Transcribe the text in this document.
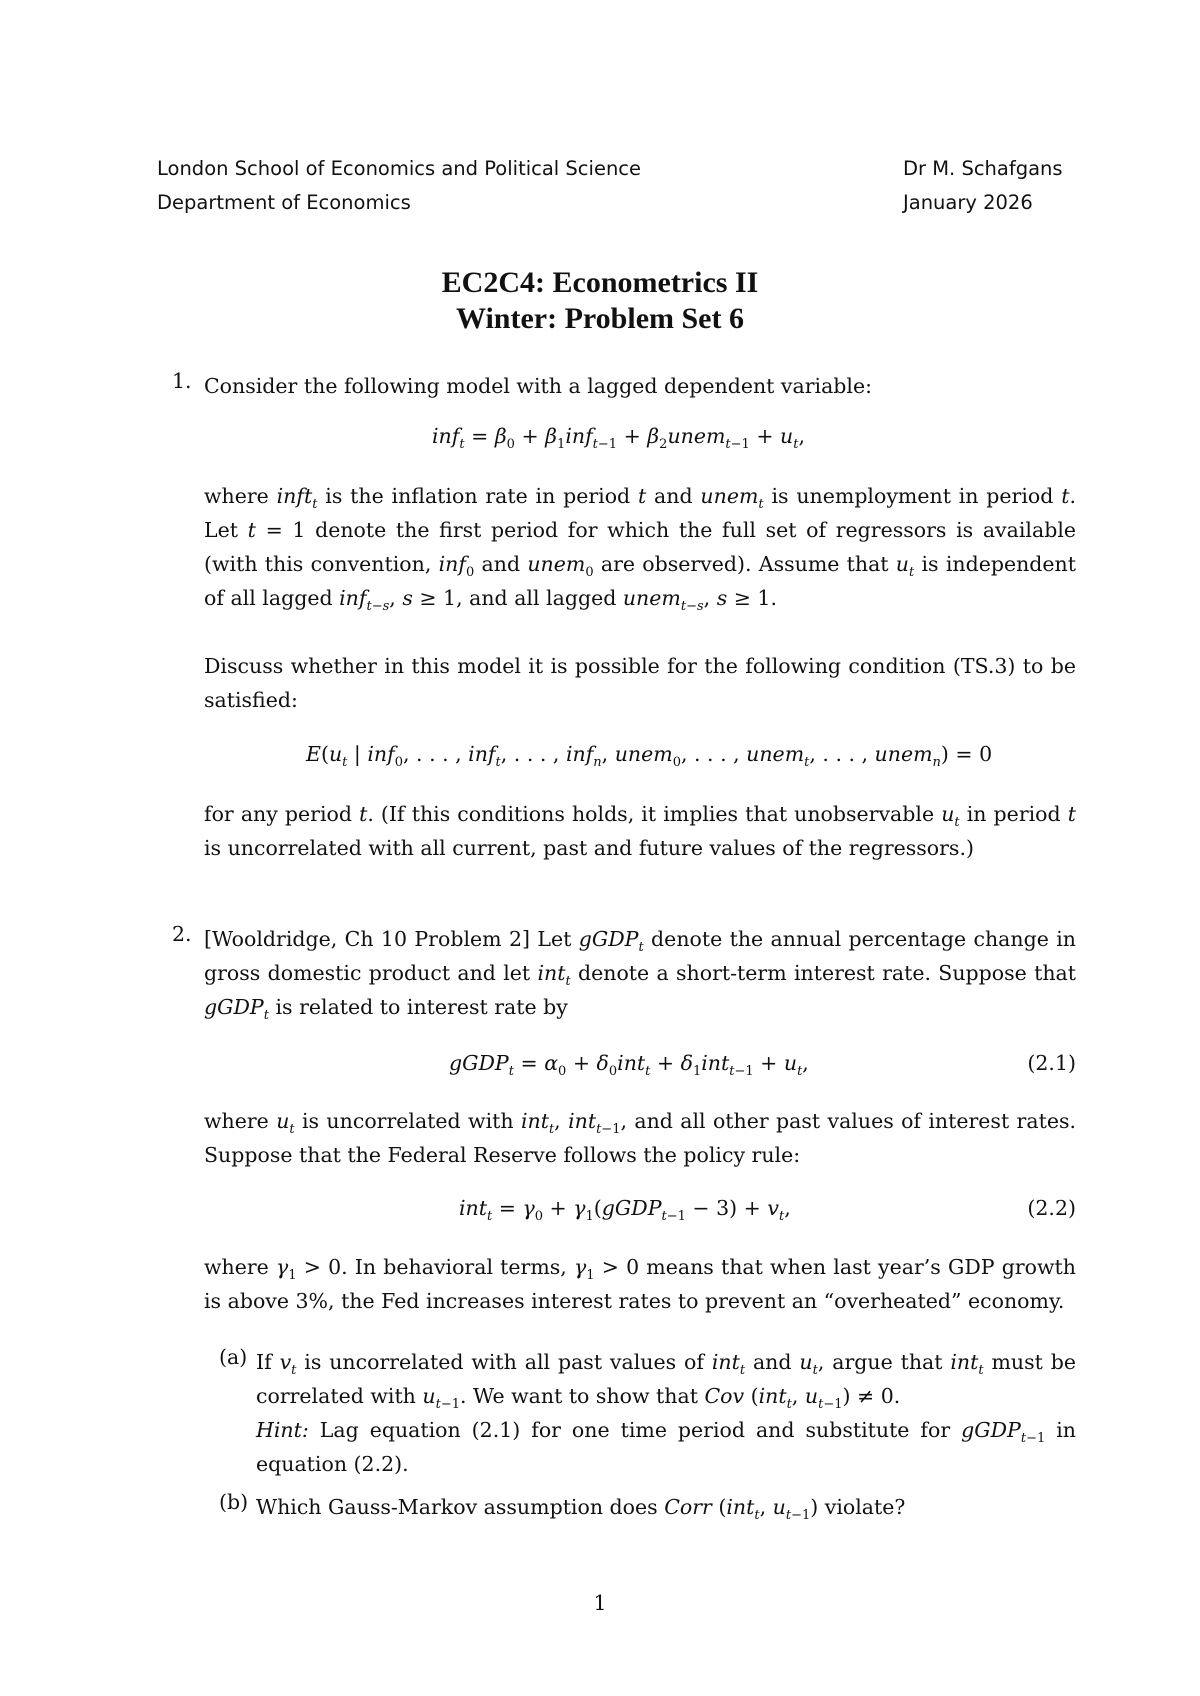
London School of Economics and Political Science
Department of Economics
Dr M. Schafgans
January 2026
EC2C4: Econometrics II
Winter: Problem Set 6
1. Consider the following model with a lagged dependent variable:
$inf_t = \beta_0 + \beta_1inf_{t-1}$ + $\beta_2unem_{t-1} + u_t$,
where inft$_t$ is the inflation rate in period t and unem$_t$ is unemployment in period t. Let t = 1 denote the first period for which the full set of regressors is available (with this convention, inf$_0$ and unem$_0$ are observed). Assume that $u_t$ is independent of all lagged inf$_{t-s}$, s ≥ 1, and all lagged unem$_{t-s}$, s ≥ 1.
Discuss whether in this model it is possible for the following condition (TS.3) to be satisfied:
$E(u_t$ | inf$_0$, . . . , inf$_t$, . . . , inf$_n$, unem$_0$, . . . , unem$_t$, . . . , unem$_n$) = 0
for any period t. (If this conditions holds, it implies that unobservable $u_t$ in period t is uncorrelated with all current, past and future values of the regressors.)
2. [Wooldridge, Ch 10 Problem 2] Let gGDP$_t$ denote the annual percentage change in gross domestic product and let int$_t$ denote a short-term interest rate. Suppose that gGDP$_t$ is related to interest rate by
gGDP$_t$ = $\alpha_0 + \delta_0int_t + \delta_1int_{t-1} + u_t$,	(2.1)
where $u_t$ is uncorrelated with int$_t$, int$_{t-1}$, and all other past values of interest rates. Suppose that the Federal Reserve follows the policy rule:
$int_t = \gamma_0$ + $\gamma_1(gGDP_{t-1} - 3) + v_t$,	(2.2)
where $\gamma_1 > 0$. In behavioral terms, $\gamma_1 > 0$ means that when last year’s GDP growth is above 3%, the Fed increases interest rates to prevent an “overheated” economy.
(a) If $v_t$ is uncorrelated with all past values of int$_t$ and $u_t$, argue that int$_t$ must be correlated with $u_{t-1}$. We want to show that Cov (int$_t$, $u_{t-1}) \ne 0$.
Hint: Lag equation (2.1) for one time period and substitute for gGDP$_{t-1}$ in equation (2.2).
(b) Which Gauss-Markov assumption does Corr (int$_t$, $u_{t-1}$) violate?
1
